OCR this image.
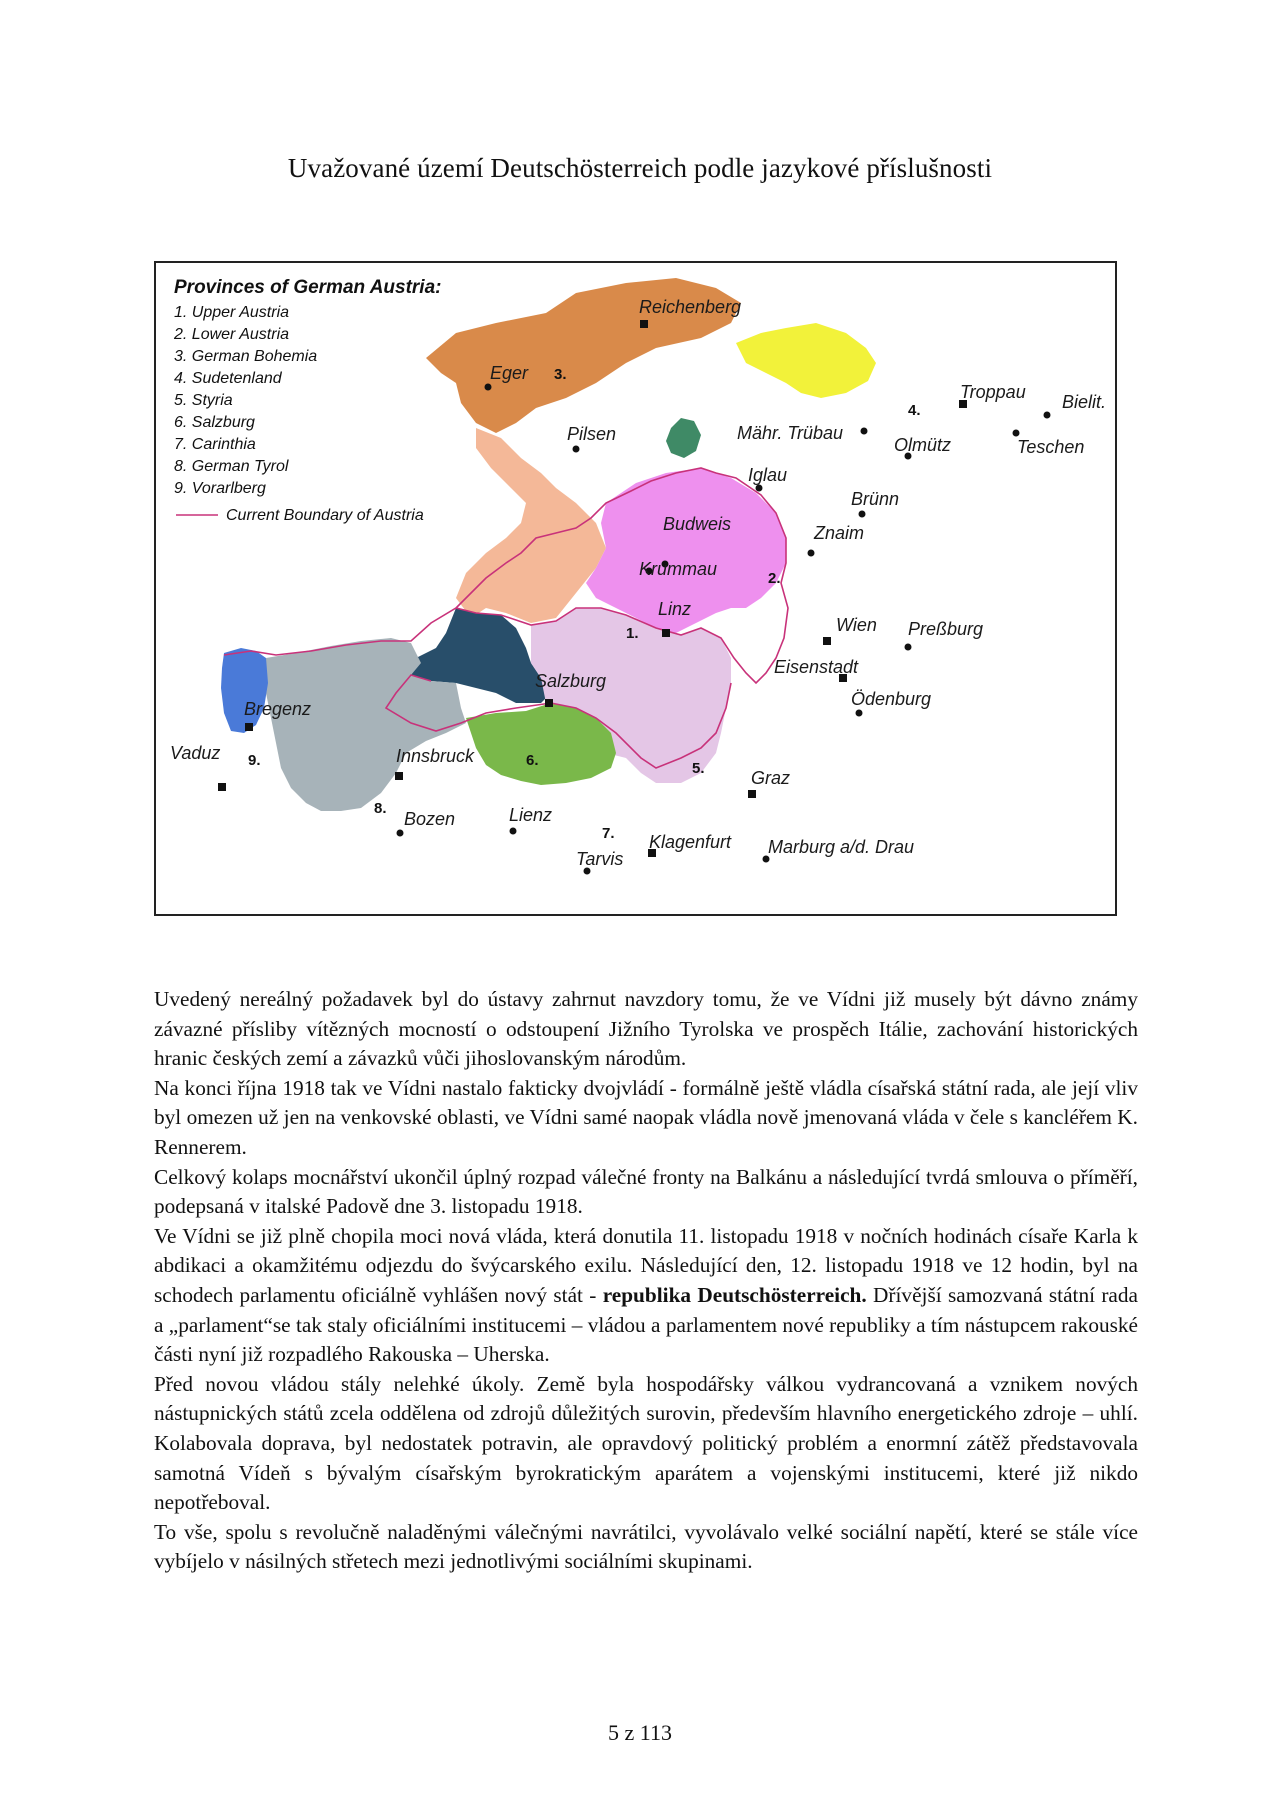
Uvažované území Deutschösterreich podle jazykové příslušnosti
Provinces of German Austria:
1. Upper Austria
2. Lower Austria
3. German Bohemia
4. Sudetenland
5. Styria
6. Salzburg
7. Carinthia
8. German Tyrol
9. Vorarlberg
Current Boundary of Austria
1.
2.
3.
4.
5.
6.
7.
8.
9.
Reichenberg
Eger
Pilsen
Troppau Bielit.
Teschen
Mähr. Trübau
Olmütz
Iglau
Brünn
Budweis	Znaim
Krummau
Linz
Wien Preßburg
Eisenstadt
Salzburg
Ödenburg
Bregenz
Vaduz	Innsbruck
Graz
Bozen	Lienz
Klagenfurt
Tarvis
Marburg a/d. Drau

Uvedený nereálný požadavek byl do ústavy zahrnut navzdory tomu, že ve Vídni již musely být dávno známy závazné přísliby vítězných mocností o odstoupení Jižního Tyrolska ve prospěch Itálie, zachování historických hranic českých zemí a závazků vůči jihoslovanským národům.

Na konci října 1918 tak ve Vídni nastalo fakticky dvojvládí - formálně ještě vládla císařská státní rada, ale její vliv byl omezen už jen na venkovské oblasti, ve Vídni samé naopak vládla nově jmenovaná vláda v čele s kancléřem K. Rennerem.

Celkový kolaps mocnářství ukončil úplný rozpad válečné fronty na Balkánu a následující tvrdá smlouva o příměří, podepsaná v italské Padově dne 3. listopadu 1918.

Ve Vídni se již plně chopila moci nová vláda, která donutila 11. listopadu 1918 v nočních hodinách císaře Karla k abdikaci a okamžitému odjezdu do švýcarského exilu. Následující den, 12. listopadu 1918 ve 12 hodin, byl na schodech parlamentu oficiálně vyhlášen nový stát - republika Deutschösterreich. Dřívější samozvaná státní rada a „parlament“se tak staly oficiálními institucemi – vládou a parlamentem nové republiky a tím nástupcem rakouské části nyní již rozpadlého Rakouska – Uherska.

Před novou vládou stály nelehké úkoly. Země byla hospodářsky válkou vydrancovaná a vznikem nových nástupnických států zcela oddělena od zdrojů důležitých surovin, především hlavního energetického zdroje – uhlí. Kolabovala doprava, byl nedostatek potravin, ale opravdový politický problém a enormní zátěž představovala samotná Vídeň s bývalým císařským byrokratickým aparátem a vojenskými institucemi, které již nikdo nepotřeboval.

To vše, spolu s revolučně naladěnými válečnými navrátilci, vyvolávalo velké sociální napětí, které se stále více vybíjelo v násilných střetech mezi jednotlivými sociálními skupinami.

5 z 113
